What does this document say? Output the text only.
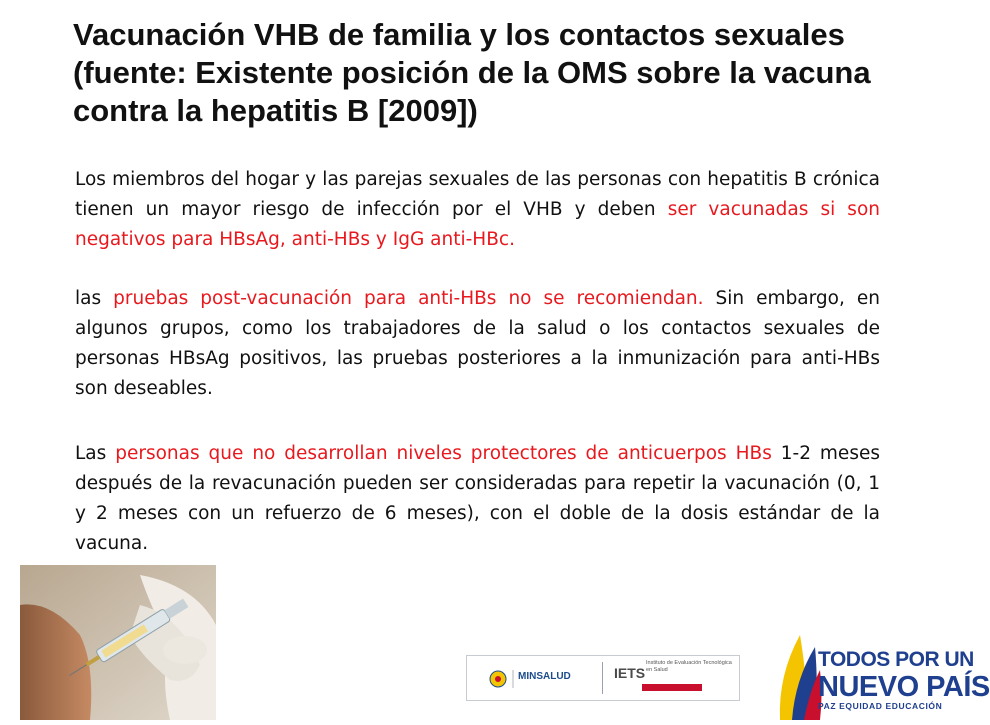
Vacunación VHB de familia y los contactos sexuales (fuente: Existente posición de la OMS sobre la vacuna contra la hepatitis B [2009])

Los miembros del hogar y las parejas sexuales de las personas con hepatitis B crónica tienen un mayor riesgo de infección por el VHB y deben ser vacunadas si son negativos para HBsAg, anti-HBs y IgG anti-HBc.

las pruebas post-vacunación para anti-HBs no se recomiendan. Sin embargo, en algunos grupos, como los trabajadores de la salud o los contactos sexuales de personas HBsAg positivos, las pruebas posteriores a la inmunización para anti-HBs son deseables.

Las personas que no desarrollan niveles protectores de anticuerpos HBs 1-2 meses después de la revacunación pueden ser consideradas para repetir la vacunación (0, 1 y 2 meses con un refuerzo de 6 meses), con el doble de la dosis estándar de la vacuna.

IETS
MINSALUD
Instituto de Evaluación Tecnológica en Salud	TODOS POR UN
NUEVO PAÍS
PAZ EQUIDAD EDUCACIÓN
